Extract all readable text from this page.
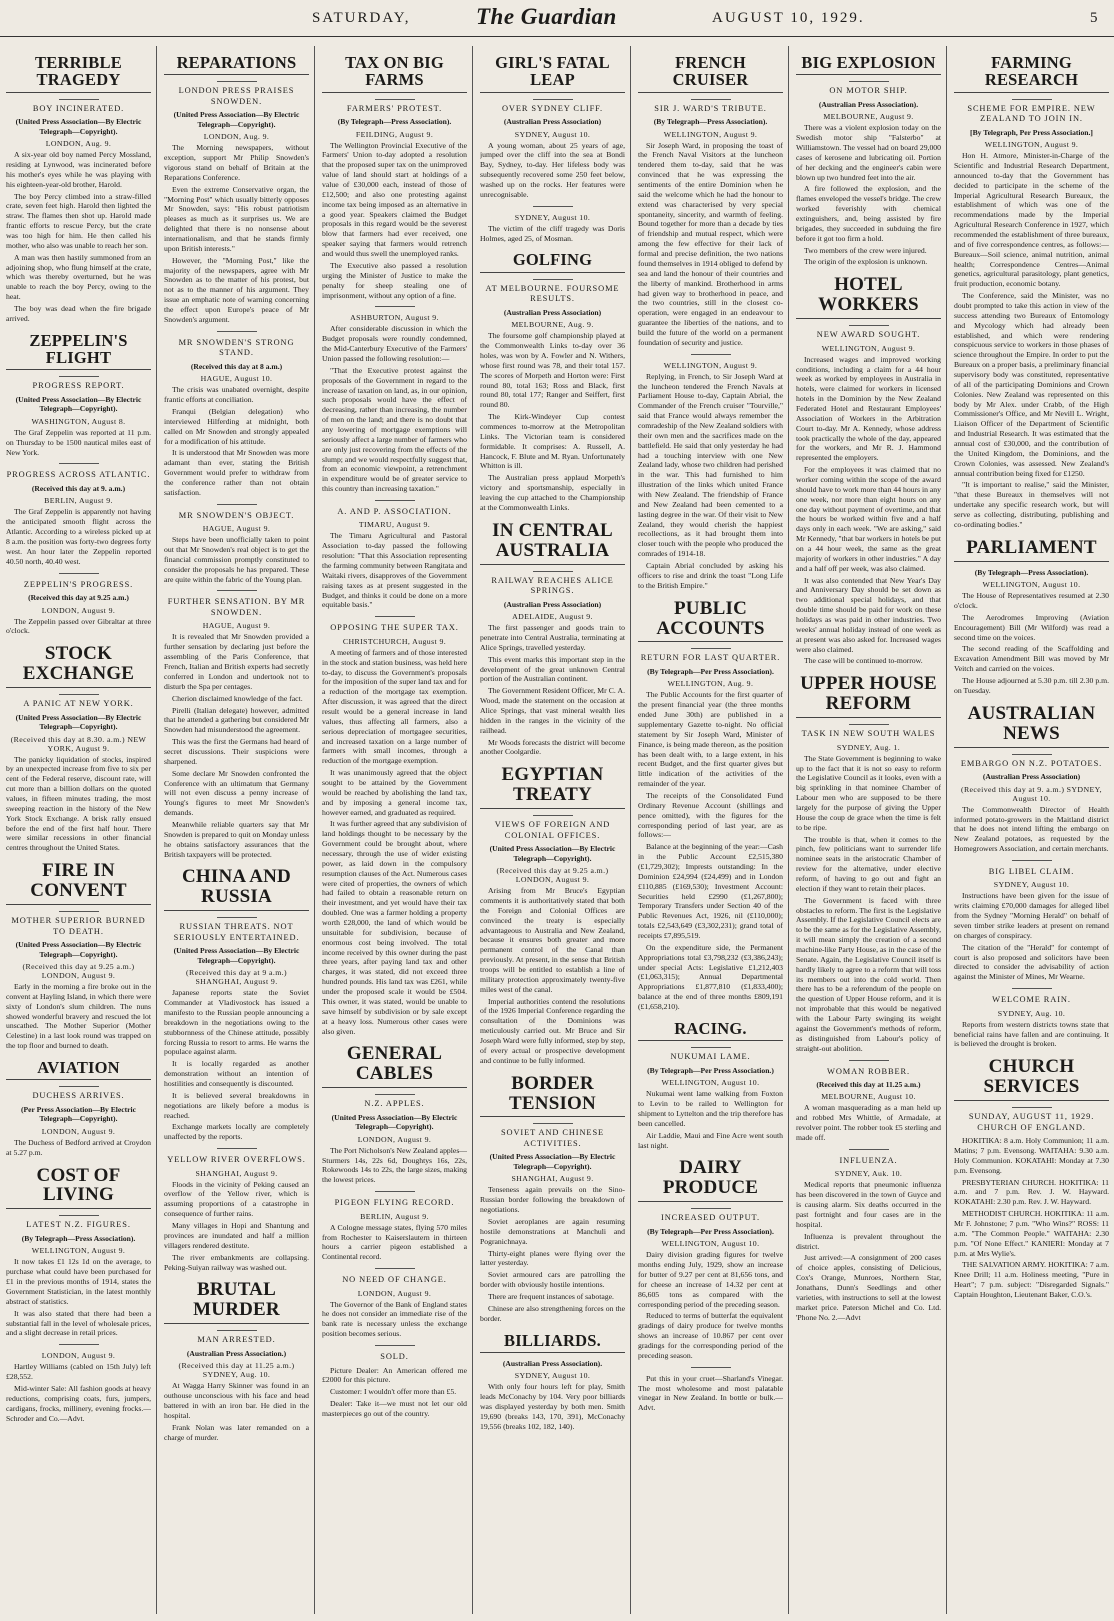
SATURDAY,	The Guardian	AUGUST 10, 1929.	5
TERRIBLE TRAGEDY
BOY INCINERATED.
(United Press Association—By Electric Telegraph—Copyright).
LONDON, Aug. 9.

A six-year old boy named Percy Mossland, residing at Lynwood, was incinerated before his mother's eyes while he was playing with his eighteen-year-old brother, Harold.

The boy Percy climbed into a straw-filled crate, seven feet high. Harold then lighted the straw. The flames then shot up. Harold made frantic efforts to rescue Percy, but the crate was too high for him. He then called his mother, who also was unable to reach her son.

A man was then hastily summoned from an adjoining shop, who flung himself at the crate, which was thereby overturned, but he was unable to reach the boy Percy, owing to the heat.

The boy was dead when the fire brigade arrived.

ZEPPELIN'S FLIGHT
PROGRESS REPORT.
(United Press Association—By Electric Telegraph—Copyright).
WASHINGTON, August 8.

The Graf Zeppelin was reported at 11 p.m. on Thursday to be 1500 nautical miles east of New York.

PROGRESS ACROSS ATLANTIC.
(Received this day at 9. a.m.)
BERLIN, August 9.

The Graf Zeppelin is apparently not having the anticipated smooth flight across the Atlantic. According to a wireless picked up at 8 a.m. the position was forty-two degrees forty west. An hour later the Zeppelin reported 40.50 north, 40.40 west.

ZEPPELIN'S PROGRESS.
(Received this day at 9.25 a.m.)
LONDON, August 9.

The Zeppelin passed over Gibraltar at three o'clock.

STOCK EXCHANGE
A PANIC AT NEW YORK.
(United Press Association—By Electric Telegraph—Copyright).
(Received this day at 8.30. a.m.) NEW YORK, August 9.

The panicky liquidation of stocks, inspired by an unexpected increase from five to six per cent of the Federal reserve, discount rate, will cut more than a billion dollars on the quoted values, in fifteen minutes trading, the most sweeping reaction in the history of the New York Stock Exchange. A brisk rally ensued before the end of the first half hour. There were similar recessions in other financial centres throughout the United States.

FIRE IN CONVENT
MOTHER SUPERIOR BURNED TO DEATH.
(United Press Association—By Electric Telegraph—Copyright).
(Received this day at 9.25 a.m.) LONDON, August 9.

Early in the morning a fire broke out in the convent at Hayling Island, in which there were sixty of London's slum children. The nuns showed wonderful bravery and rescued the lot unscathed. The Mother Superior (Mother Celestine) in a last look round was trapped on the top floor and burned to death.

AVIATION
DUCHESS ARRIVES.
(Per Press Association—By Electric Telegraph—Copyright).
LONDON, August 9.

The Duchess of Bedford arrived at Croydon at 5.27 p.m.

COST OF LIVING
LATEST N.Z. FIGURES.
(By Telegraph—Press Association).
WELLINGTON, August 9.

It now takes £1 12s 1d on the average, to purchase what could have been purchased for £1 in the previous months of 1914, states the Government Statistician, in the latest monthly abstract of statistics.

It was also stated that there had been a substantial fall in the level of wholesale prices, and a slight decrease in retail prices.

LONDON, August 9.

Hartley Williams (cabled on 15th July) left £28,552.

Mid-winter Sale: All fashion goods at heavy reductions, comprising coats, furs, jumpers, cardigans, frocks, millinery, evening frocks.—Schroder and Co.—Advt.

REPARATIONS
LONDON PRESS PRAISES SNOWDEN.
(United Press Association—By Electric Telegraph—Copyright).
LONDON, Aug. 9.

The Morning newspapers, without exception, support Mr Philip Snowden's vigorous stand on behalf of Britain at the Reparations Conference.

Even the extreme Conservative organ, the "Morning Post" which usually bitterly opposes Mr Snowden, says: "His robust patriotism pleases as much as it surprises us. We are delighted that there is no nonsense about internationalism, and that he stands firmly upon British interests."

However, the "Morning Post," like the majority of the newspapers, agree with Mr Snowden as to the matter of his protest, but not as to the manner of his argument. They issue an emphatic note of warning concerning the effect upon Europe's peace of Mr Snowden's argument.

MR SNOWDEN'S STRONG STAND.
(Received this day at 8 a.m.)
HAGUE, August 10.

The crisis was unabated overnight, despite frantic efforts at conciliation.

Franqui (Belgian delegation) who interviewed Hilferding at midnight, both called on Mr Snowden and strongly appealed for a modification of his attitude.

It is understood that Mr Snowden was more adamant than ever, stating the British Government would prefer to withdraw from the conference rather than not obtain satisfaction.

MR SNOWDEN'S OBJECT.
HAGUE, August 9.

Steps have been unofficially taken to point out that Mr Snowden's real object is to get the financial commission promptly constituted to consider the proposals he has prepared. These are quite within the fabric of the Young plan.

FURTHER SENSATION. BY MR SNOWDEN.
HAGUE, August 9.

It is revealed that Mr Snowden provided a further sensation by declaring just before the assembling of the Paris Conference, that French, Italian and British experts had secretly conferred in London and undertook not to disturb the Spa per centages.

Cherion disclaimed knowledge of the fact.

Pirelli (Italian delegate) however, admitted that he attended a gathering but considered Mr Snowden had misunderstood the agreement.

This was the first the Germans had heard of secret discussions. Their suspicions were sharpened.

Some declare Mr Snowden confronted the Conference with an ultimatum that Germany will not even discuss a penny increase of Young's figures to meet Mr Snowden's demands.

Meanwhile reliable quarters say that Mr Snowden is prepared to quit on Monday unless he obtains satisfactory assurances that the British taxpayers will be protected.

CHINA AND RUSSIA
RUSSIAN THREATS. NOT SERIOUSLY ENTERTAINED.
(United Press Association—By Electric Telegraph—Copyright).
(Received this day at 9 a.m.) SHANGHAI, August 9.

Japanese reports state the Soviet Commander at Vladivostock has issued a manifesto to the Russian people announcing a breakdown in the negotiations owing to the stubbornness of the Chinese attitude, possibly forcing Russia to resort to arms. He warns the populace against alarm.

It is locally regarded as another demonstration without an intention of hostilities and consequently is discounted.

It is believed several breakdowns in negotiations are likely before a modus is reached.

Exchange markets locally are completely unaffected by the reports.

YELLOW RIVER OVERFLOWS.
SHANGHAI, August 9.

Floods in the vicinity of Peking caused an overflow of the Yellow river, which is assuming proportions of a catastrophe in consequence of further rains.

Many villages in Hopi and Shantung and provinces are inundated and half a million villagers rendered destitute.

The river embankments are collapsing. Peking-Suiyan railway was washed out.

BRUTAL MURDER
MAN ARRESTED.
(Australian Press Association.)
(Received this day at 11.25 a.m.) SYDNEY, Aug. 10.

At Wagga Harry Skinner was found in an outhouse unconscious with his face and head battered in with an iron bar. He died in the hospital.

Frank Nolan was later remanded on a charge of murder.

TAX ON BIG FARMS
FARMERS' PROTEST.
(By Telegraph—Press Association).
FEILDING, August 9.

The Wellington Provincial Executive of the Farmers' Union to-day adopted a resolution that the proposed super tax on the unimproved value of land should start at holdings of a value of £30,000 each, instead of those of £12,500; and also one protesting against income tax being imposed as an alternative in a good year. Speakers claimed the Budget proposals in this regard would be the severest blow that farmers had ever received, one speaker saying that farmers would retrench and would thus swell the unemployed ranks.

The Executive also passed a resolution urging the Minister of Justice to make the penalty for sheep stealing one of imprisonment, without any option of a fine.

ASHBURTON, August 9.

After considerable discussion in which the Budget proposals were roundly condemned, the Mid-Canterbury Executive of the Farmers' Union passed the following resolution:—

"That the Executive protest against the proposals of the Government in regard to the increase of taxation on land, as, in our opinion, such proposals would have the effect of decreasing, rather than increasing, the number of men on the land; and there is no doubt that any lowering of mortgage exemptions will seriously affect a large number of farmers who are only just recovering from the effects of the slump; and we would respectfully suggest that, from an economic viewpoint, a retrenchment in expenditure would be of greater service to this country than increasing taxation."

A. AND P. ASSOCIATION.
TIMARU, August 9.

The Timaru Agricultural and Pastoral Association to-day passed the following resolution: "That this Association representing the farming community between Rangitata and Waitaki rivers, disapproves of the Government raising taxes as at present suggested in the Budget, and thinks it could be done on a more equitable basis."

OPPOSING THE SUPER TAX.
CHRISTCHURCH, August 9.

A meeting of farmers and of those interested in the stock and station business, was held here to-day, to discuss the Government's proposals for the imposition of the super land tax and for a reduction of the mortgage tax exemption. After discussion, it was agreed that the direct result would be a general increase in land values, thus affecting all farmers, also a serious depreciation of mortgagee securities, and increased taxation on a large number of farmers with small incomes, through a reduction of the mortgage exemption.

It was unanimously agreed that the object sought to be attained by the Government would be reached by abolishing the land tax, and by imposing a general income tax, however earned, and graduated as required.

It was further agreed that any subdivision of land holdings thought to be necessary by the Government could be brought about, where necessary, through the use of wider existing power, as laid down in the compulsory resumption clauses of the Act. Numerous cases were cited of properties, the owners of which had failed to obtain a reasonable return on their investment, and yet would have their tax doubled. One was a farmer holding a property worth £28,000, the land of which would be unsuitable for subdivision, because of enormous cost being involved. The total income received by this owner during the past three years, after paying land tax and other charges, it was stated, did not exceed three hundred pounds. His land tax was £261, while under the proposed scale it would be £504. This owner, it was stated, would be unable to save himself by subdivision or by sale except at a heavy loss. Numerous other cases were also given.

GENERAL CABLES
N.Z. APPLES.
(United Press Association—By Electric Telegraph—Copyright).
LONDON, August 9.

The Port Nicholson's New Zealand apples—Sturmers 14s, 22s 6d, Doughtys 16s, 22s, Rokewoods 14s to 22s, the large sizes, making the lowest prices.

PIGEON FLYING RECORD.
BERLIN, August 9.

A Cologne message states, flying 570 miles from Rochester to Kaiserslautern in thirteen hours a carrier pigeon established a Continental record.

NO NEED OF CHANGE.
LONDON, August 9.

The Governor of the Bank of England states he does not consider an immediate rise of the bank rate is necessary unless the exchange position becomes serious.

SOLD.

Picture Dealer: An American offered me £2000 for this picture.

Customer: I wouldn't offer more than £5.

Dealer: Take it—we must not let our old masterpieces go out of the country.

GIRL'S FATAL LEAP
OVER SYDNEY CLIFF.
(Australian Press Association)
SYDNEY, August 10.

A young woman, about 25 years of age, jumped over the cliff into the sea at Bondi Bay, Sydney, to-day. Her lifeless body was subsequently recovered some 250 feet below, washed up on the rocks. Her features were unrecognisable.

SYDNEY, August 10.

The victim of the cliff tragedy was Doris Holmes, aged 25, of Mosman.

GOLFING
AT MELBOURNE. FOURSOME RESULTS.
(Australian Press Association)
MELBOURNE, Aug. 9.

The foursome golf championship played at the Commonwealth Links to-day over 36 holes, was won by A. Fowler and N. Withers, whose first round was 78, and their total 157. The scores of Morpeth and Horton were: First round 80, total 163; Ross and Black, first round 80, total 177; Ranger and Seiffert, first round 80.

The Kirk-Windeyer Cup contest commences to-morrow at the Metropolitan Links. The Victorian team is considered formidable. It comprises: A. Russell, A. Hancock, F. Blute and M. Ryan. Unfortunately Whitton is ill.

The Australian press applaud Morpeth's victory and sportsmanship, especially in leaving the cup attached to the Championship at the Commonwealth Links.

IN CENTRAL AUSTRALIA
RAILWAY REACHES ALICE SPRINGS.
(Australian Press Association)
ADELAIDE, August 9.

The first passenger and goods train to penetrate into Central Australia, terminating at Alice Springs, travelled yesterday.

This event marks this important step in the development of the great unknown Central portion of the Australian continent.

The Government Resident Officer, Mr C. A. Wood, made the statement on the occasion at Alice Springs, that vast mineral wealth lies hidden in the ranges in the vicinity of the railhead.

Mr Woods forecasts the district will become another Coolgardie.

EGYPTIAN TREATY
VIEWS OF FOREIGN AND COLONIAL OFFICES.
(United Press Association—By Electric Telegraph—Copyright).
(Received this day at 9.25 a.m.) LONDON, August 9.

Arising from Mr Bruce's Egyptian comments it is authoritatively stated that both the Foreign and Colonial Offices are convinced the treaty is especially advantageous to Australia and New Zealand, because it ensures both greater and more permanent control of the Canal than previously. At present, in the sense that British troops will be entitled to establish a line of military protection approximately twenty-five miles west of the canal.

Imperial authorities contend the resolutions of the 1926 Imperial Conference regarding the consultation of the Dominions was meticulously carried out. Mr Bruce and Sir Joseph Ward were fully informed, step by step, of every actual or prospective development and continue to be fully informed.

BORDER TENSION
SOVIET AND CHINESE ACTIVITIES.
(United Press Association—By Electric Telegraph—Copyright).
SHANGHAI, August 9.

Tenseness again prevails on the Sino-Russian border following the breakdown of negotiations.

Soviet aeroplanes are again resuming hostile demonstrations at Manchuli and Pogranichnaya.

Thirty-eight planes were flying over the latter yesterday.

Soviet armoured cars are patrolling the border with obviously hostile intentions.

There are frequent instances of sabotage.

Chinese are also strengthening forces on the border.

BILLIARDS.
(Australian Press Association).
SYDNEY, August 10.

With only four hours left for play, Smith leads McConachy by 104. Very poor billiards was displayed yesterday by both men. Smith 19,690 (breaks 143, 170, 391), McConachy 19,556 (breaks 102, 182, 140).

FRENCH CRUISER
SIR J. WARD'S TRIBUTE.
(By Telegraph—Press Association).
WELLINGTON, August 9.

Sir Joseph Ward, in proposing the toast of the French Naval Visitors at the luncheon tendered them to-day, said that he was convinced that he was expressing the sentiments of the entire Dominion when he said the welcome which he had the honour to extend was characterised by very special spontaneity, sincerity, and warmth of feeling. Bound together for more than a decade by ties of friendship and mutual respect, which were among the few effective for their lack of formal and precise definition, the two nations found themselves in 1914 obliged to defend by sea and land the honour of their countries and the liberty of mankind. Brotherhood in arms had given way to brotherhood in peace, and the two countries, still in the closest co-operation, were engaged in an endeavour to guarantee the liberties of the nations, and to build the future of the world on a permanent foundation of security and justice.

WELLINGTON, August 9.

Replying, in French, to Sir Joseph Ward at the luncheon tendered the French Navals at Parliament House to-day, Captain Abrial, the Commander of the French cruiser "Tourville," said that France would always remember the comradeship of the New Zealand soldiers with their own men and the sacrifices made on the battlefield. He said that only yesterday he had had a touching interview with one New Zealand lady, whose two children had perished in the war. This had furnished to him illustration of the links which united France with New Zealand. The friendship of France and New Zealand had been cemented to a lasting degree in the war. Of their visit to New Zealand, they would cherish the happiest recollections, as it had brought them into closer touch with the people who produced the comrades of 1914-18.

Captain Abrial concluded by asking his officers to rise and drink the toast "Long Life to the British Empire."

PUBLIC ACCOUNTS
RETURN FOR LAST QUARTER.
(By Telegraph—Per Press Association).
WELLINGTON, Aug. 9.

The Public Accounts for the first quarter of the present financial year (the three months ended June 30th) are published in a supplementary Gazette to-night. No official statement by Sir Joseph Ward, Minister of Finance, is being made thereon, as the position has been dealt with, to a large extent, in his recent Budget, and the first quarter gives but little indication of the activities of the remainder of the year.

The receipts of the Consolidated Fund Ordinary Revenue Account (shillings and pence omitted), with the figures for the corresponding period of last year, are as follows:—

Balance at the beginning of the year:—Cash in the Public Account £2,515,380 (£1,729,302); Imprests outstanding: In the Dominion £24,994 (£24,499) and in London £110,885 (£169,530); Investment Account: Securities held £2990 (£1,267,800); Temporary Transfers under Section 40 of the Public Revenues Act, 1926, nil (£110,000); totals £2,543,649 (£3,302,231); grand total of receipts £7,895,519.

On the expenditure side, the Permanent Appropriations total £3,798,232 (£3,386,243); under special Acts: Legislative £1,212,403 (£1,063,315); Annual Departmental Appropriations £1,877,810 (£1,833,400); balance at the end of three months £809,191 (£1,658,210).

RACING.
NUKUMAI LAME.
(By Telegraph—Per Press Association.)
WELLINGTON, August 10.

Nukumai went lame walking from Foxton to Levin to be railed to Wellington for shipment to Lyttelton and the trip therefore has been cancelled.

Air Laddie, Maui and Fine Acre went south last night.

DAIRY PRODUCE
INCREASED OUTPUT.
(By Telegraph—Per Press Association).
WELLINGTON, August 10.

Dairy division grading figures for twelve months ending July, 1929, show an increase for butter of 9.27 per cent at 81,656 tons, and for cheese an increase of 14.32 per cent at 86,605 tons as compared with the corresponding period of the preceding season.

Reduced to terms of butterfat the equivalent gradings of dairy produce for twelve months shows an increase of 10.867 per cent over gradings for the corresponding period of the preceding season.

Put this in your cruet—Sharland's Vinegar. The most wholesome and most palatable vinegar in New Zealand. In bottle or bulk.—Advt.

BIG EXPLOSION
ON MOTOR SHIP.
(Australian Press Association).
MELBOURNE, August 9.

There was a violent explosion today on the Swedish motor ship "Falsterbo" at Williamstown. The vessel had on board 29,000 cases of kerosene and lubricating oil. Portion of her decking and the engineer's cabin were blown up two hundred feet into the air.

A fire followed the explosion, and the flames enveloped the vessel's bridge. The crew worked feverishly with chemical extinguishers, and, being assisted by fire brigades, they succeeded in subduing the fire before it got too firm a hold.

Two members of the crew were injured.

The origin of the explosion is unknown.

HOTEL WORKERS
NEW AWARD SOUGHT.
WELLINGTON, August 9.

Increased wages and improved working conditions, including a claim for a 44 hour week as worked by employees in Australia in hotels, were claimed for workers in licensed hotels in the Dominion by the New Zealand Federated Hotel and Restaurant Employees' Association of Workers in the Arbitration Court to-day. Mr A. Kennedy, whose address took practically the whole of the day, appeared for the workers, and Mr R. J. Hammond represented the employers.

For the employees it was claimed that no worker coming within the scope of the award should have to work more than 44 hours in any one week, nor more than eight hours on any one day without payment of overtime, and that the hours be worked within five and a half days only in each week. "We are asking," said Mr Kennedy, "that bar workers in hotels be put on a 44 hour week, the same as the great majority of workers in other industries." A day and a half off per week, was also claimed.

It was also contended that New Year's Day and Anniversary Day should be set down as two additional special holidays, and that double time should be paid for work on these holidays as was paid in other industries. Two weeks' annual holiday instead of one week as at present was also asked for. Increased wages were also claimed.

The case will be continued to-morrow.

UPPER HOUSE REFORM
TASK IN NEW SOUTH WALES
SYDNEY, Aug. 1.

The State Government is beginning to wake up to the fact that it is not so easy to reform the Legislative Council as it looks, even with a big sprinkling in that nominee Chamber of Labour men who are supposed to be there largely for the purpose of giving the Upper House the coup de grace when the time is felt to be ripe.

The trouble is that, when it comes to the pinch, few politicians want to surrender life nominee seats in the aristocratic Chamber of review for the alternative, under elective reform, of having to go out and fight an election if they want to retain their places.

The Government is faced with three obstacles to reform. The first is the Legislative Assembly. If the Legislative Council elects are to be the same as for the Legislative Assembly, it will mean simply the creation of a second machine-like Party House, as in the case of the Senate. Again, the Legislative Council itself is hardly likely to agree to a reform that will toss its members out into the cold world. Then there has to be a referendum of the people on the question of Upper House reform, and it is not improbable that this would be negatived with the Labour Party swinging its weight against the Government's methods of reform, as distinguished from Labour's policy of straight-out abolition.

WOMAN ROBBER.
(Received this day at 11.25 a.m.)
MELBOURNE, August 10.

A woman masquerading as a man held up and robbed Mrs Whittle, of Armadale, at revolver point. The robber took £5 sterling and made off.

INFLUENZA.
SYDNEY, Auk. 10.

Medical reports that pneumonic influenza has been discovered in the town of Guyce and is causing alarm. Six deaths occurred in the past fortnight and four cases are in the hospital.

Influenza is prevalent throughout the district.

Just arrived:—A consignment of 200 cases of choice apples, consisting of Delicious, Cox's Orange, Munroes, Northern Star, Jonathans, Dunn's Seedlings and other varieties, with instructions to sell at the lowest market price. Paterson Michel and Co. Ltd. 'Phone No. 2.—Advt

FARMING RESEARCH
SCHEME FOR EMPIRE. NEW ZEALAND TO JOIN IN.
[By Telegraph, Per Press Association.]
WELLINGTON, August 9.

Hon H. Atmore, Minister-in-Charge of the Scientific and Industrial Research Department, announced to-day that the Government has decided to participate in the scheme of the Imperial Agricultural Research Bureaux, the establishment of which was one of the recommendations made by the Imperial Agricultural Research Conference in 1927, which recommended the establishment of three bureaux, and of five correspondence centres, as follows:—Bureaux—Soil science, animal nutrition, animal health; Correspondence Centres—Animal genetics, agricultural parasitology, plant genetics, fruit production, economic botany.

The Conference, said the Minister, was no doubt prompted to take this action in view of the success attending two Bureaux of Entomology and Mycology which had already been established, and which were rendering conspicuous service to workers in those phases of science throughout the Empire. In order to put the Bureaux on a proper basis, a preliminary financial supervisory body was constituted, representative of all of the participating Dominions and Crown Colonies. New Zealand was represented on this body by Mr Alex. under Crabb, of the High Commissioner's Office, and Mr Nevill L. Wright, Liaison Officer of the Department of Scientific and Industrial Research. It was estimated that the annual cost of £30,000, and the contribution of the United Kingdom, the Dominions, and the Crown Colonies, was assessed. New Zealand's annual contribution being fixed for £1250.

"It is important to realise," said the Minister, "that these Bureaux in themselves will not undertake any specific research work, but will serve as collecting, distributing, publishing and co-ordinating bodies."

PARLIAMENT
(By Telegraph—Press Association).
WELLINGTON, August 10.

The House of Representatives resumed at 2.30 o'clock.

The Aerodromes Improving (Aviation Encouragement) Bill (Mr Wilford) was read a second time on the voices.

The second reading of the Scaffolding and Excavation Amendment Bill was moved by Mr Veitch and carried on the voices.

The House adjourned at 5.30 p.m. till 2.30 p.m. on Tuesday.

AUSTRALIAN NEWS
EMBARGO ON N.Z. POTATOES.
(Australian Press Association)
(Received this day at 9. a.m.) SYDNEY, August 10.

The Commonwealth Director of Health informed potato-growers in the Maitland district that he does not intend lifting the embargo on New Zealand potatoes, as requested by the Homegrowers Association, and certain merchants.

BIG LIBEL CLAIM.
SYDNEY, August 10.

Instructions have been given for the issue of writs claiming £70,000 damages for alleged libel from the Sydney "Morning Herald" on behalf of seven timber strike leaders at present on remand on charges of conspiracy.

The citation of the "Herald" for contempt of court is also proposed and solicitors have been directed to consider the advisability of action against the Minister of Mines, Mr Wearne.

WELCOME RAIN.
SYDNEY, Aug. 10.

Reports from western districts towns state that beneficial rains have fallen and are continuing. It is believed the drought is broken.

CHURCH SERVICES
SUNDAY, AUGUST 11, 1929. CHURCH OF ENGLAND.

HOKITIKA: 8 a.m. Holy Communion; 11 a.m. Matins; 7 p.m. Evensong. WAITAHA: 9.30 a.m. Holy Communion. KOKATAHI: Monday at 7.30 p.m. Evensong.

PRESBYTERIAN CHURCH. HOKITIKA: 11 a.m. and 7 p.m. Rev. J. W. Hayward. KOKATAHI: 2.30 p.m. Rev. J. W. Hayward.

METHODIST CHURCH. HOKITIKA: 11 a.m. Mr F. Johnstone; 7 p.m. "Who Wins?" ROSS: 11 a.m. "The Common People." WAITAHA: 2.30 p.m. "Of None Effect." KANIERI: Monday at 7 p.m. at Mrs Wylie's.

THE SALVATION ARMY. HOKITIKA: 7 a.m. Knee Drill; 11 a.m. Holiness meeting, "Pure in Heart"; 7 p.m. subject: "Disregarded Signals." Captain Houghton, Lieutenant Baker, C.O.'s.
